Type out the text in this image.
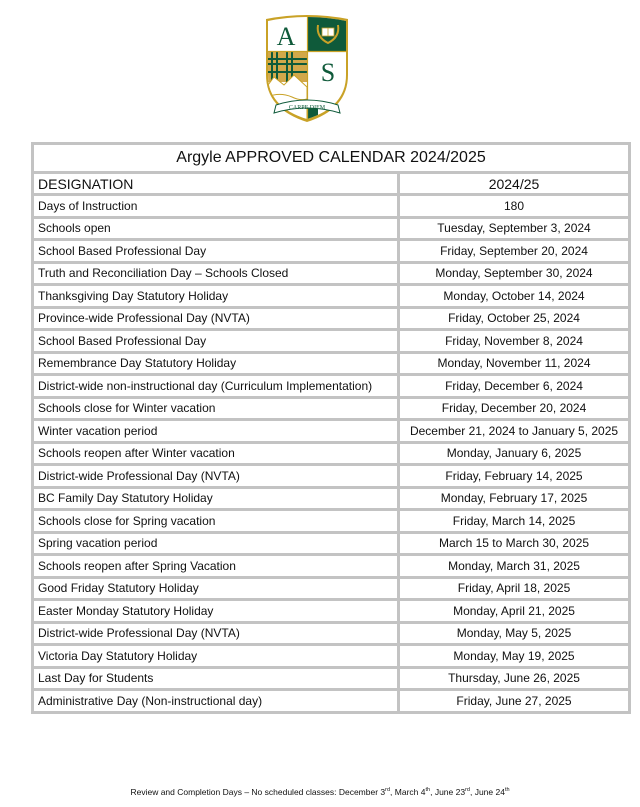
A
S
CARPE DIEM
Argyle APPROVED CALENDAR 2024/2025	
DESIGNATION	2024/25
Days of Instruction	180
Schools open	Tuesday, September 3, 2024
School Based Professional Day	Friday, September 20, 2024
Truth and Reconciliation Day – Schools Closed	Monday, September 30, 2024
Thanksgiving Day Statutory Holiday	Monday, October 14, 2024
Province-wide Professional Day (NVTA)	Friday, October 25, 2024
School Based Professional Day	Friday, November 8, 2024
Remembrance Day Statutory Holiday	Monday, November 11, 2024
District-wide non-instructional day (Curriculum Implementation)	Friday, December 6, 2024
Schools close for Winter vacation	Friday, December 20, 2024
Winter vacation period	December 21, 2024 to January 5, 2025
Schools reopen after Winter vacation	Monday, January 6, 2025
District-wide Professional Day (NVTA)	Friday, February 14, 2025
BC Family Day Statutory Holiday	Monday, February 17, 2025
Schools close for Spring vacation	Friday, March 14, 2025
Spring vacation period	March 15 to March 30, 2025
Schools reopen after Spring Vacation	Monday, March 31, 2025
Good Friday Statutory Holiday	Friday, April 18, 2025
Easter Monday Statutory Holiday	Monday, April 21, 2025
District-wide Professional Day (NVTA)	Monday, May 5, 2025
Victoria Day Statutory Holiday	Monday, May 19, 2025
Last Day for Students	Thursday, June 26, 2025
Administrative Day (Non-instructional day)	Friday, June 27, 2025
Review and Completion Days – No scheduled classes: December 3rd, March 4th, June 23rd, June 24th
